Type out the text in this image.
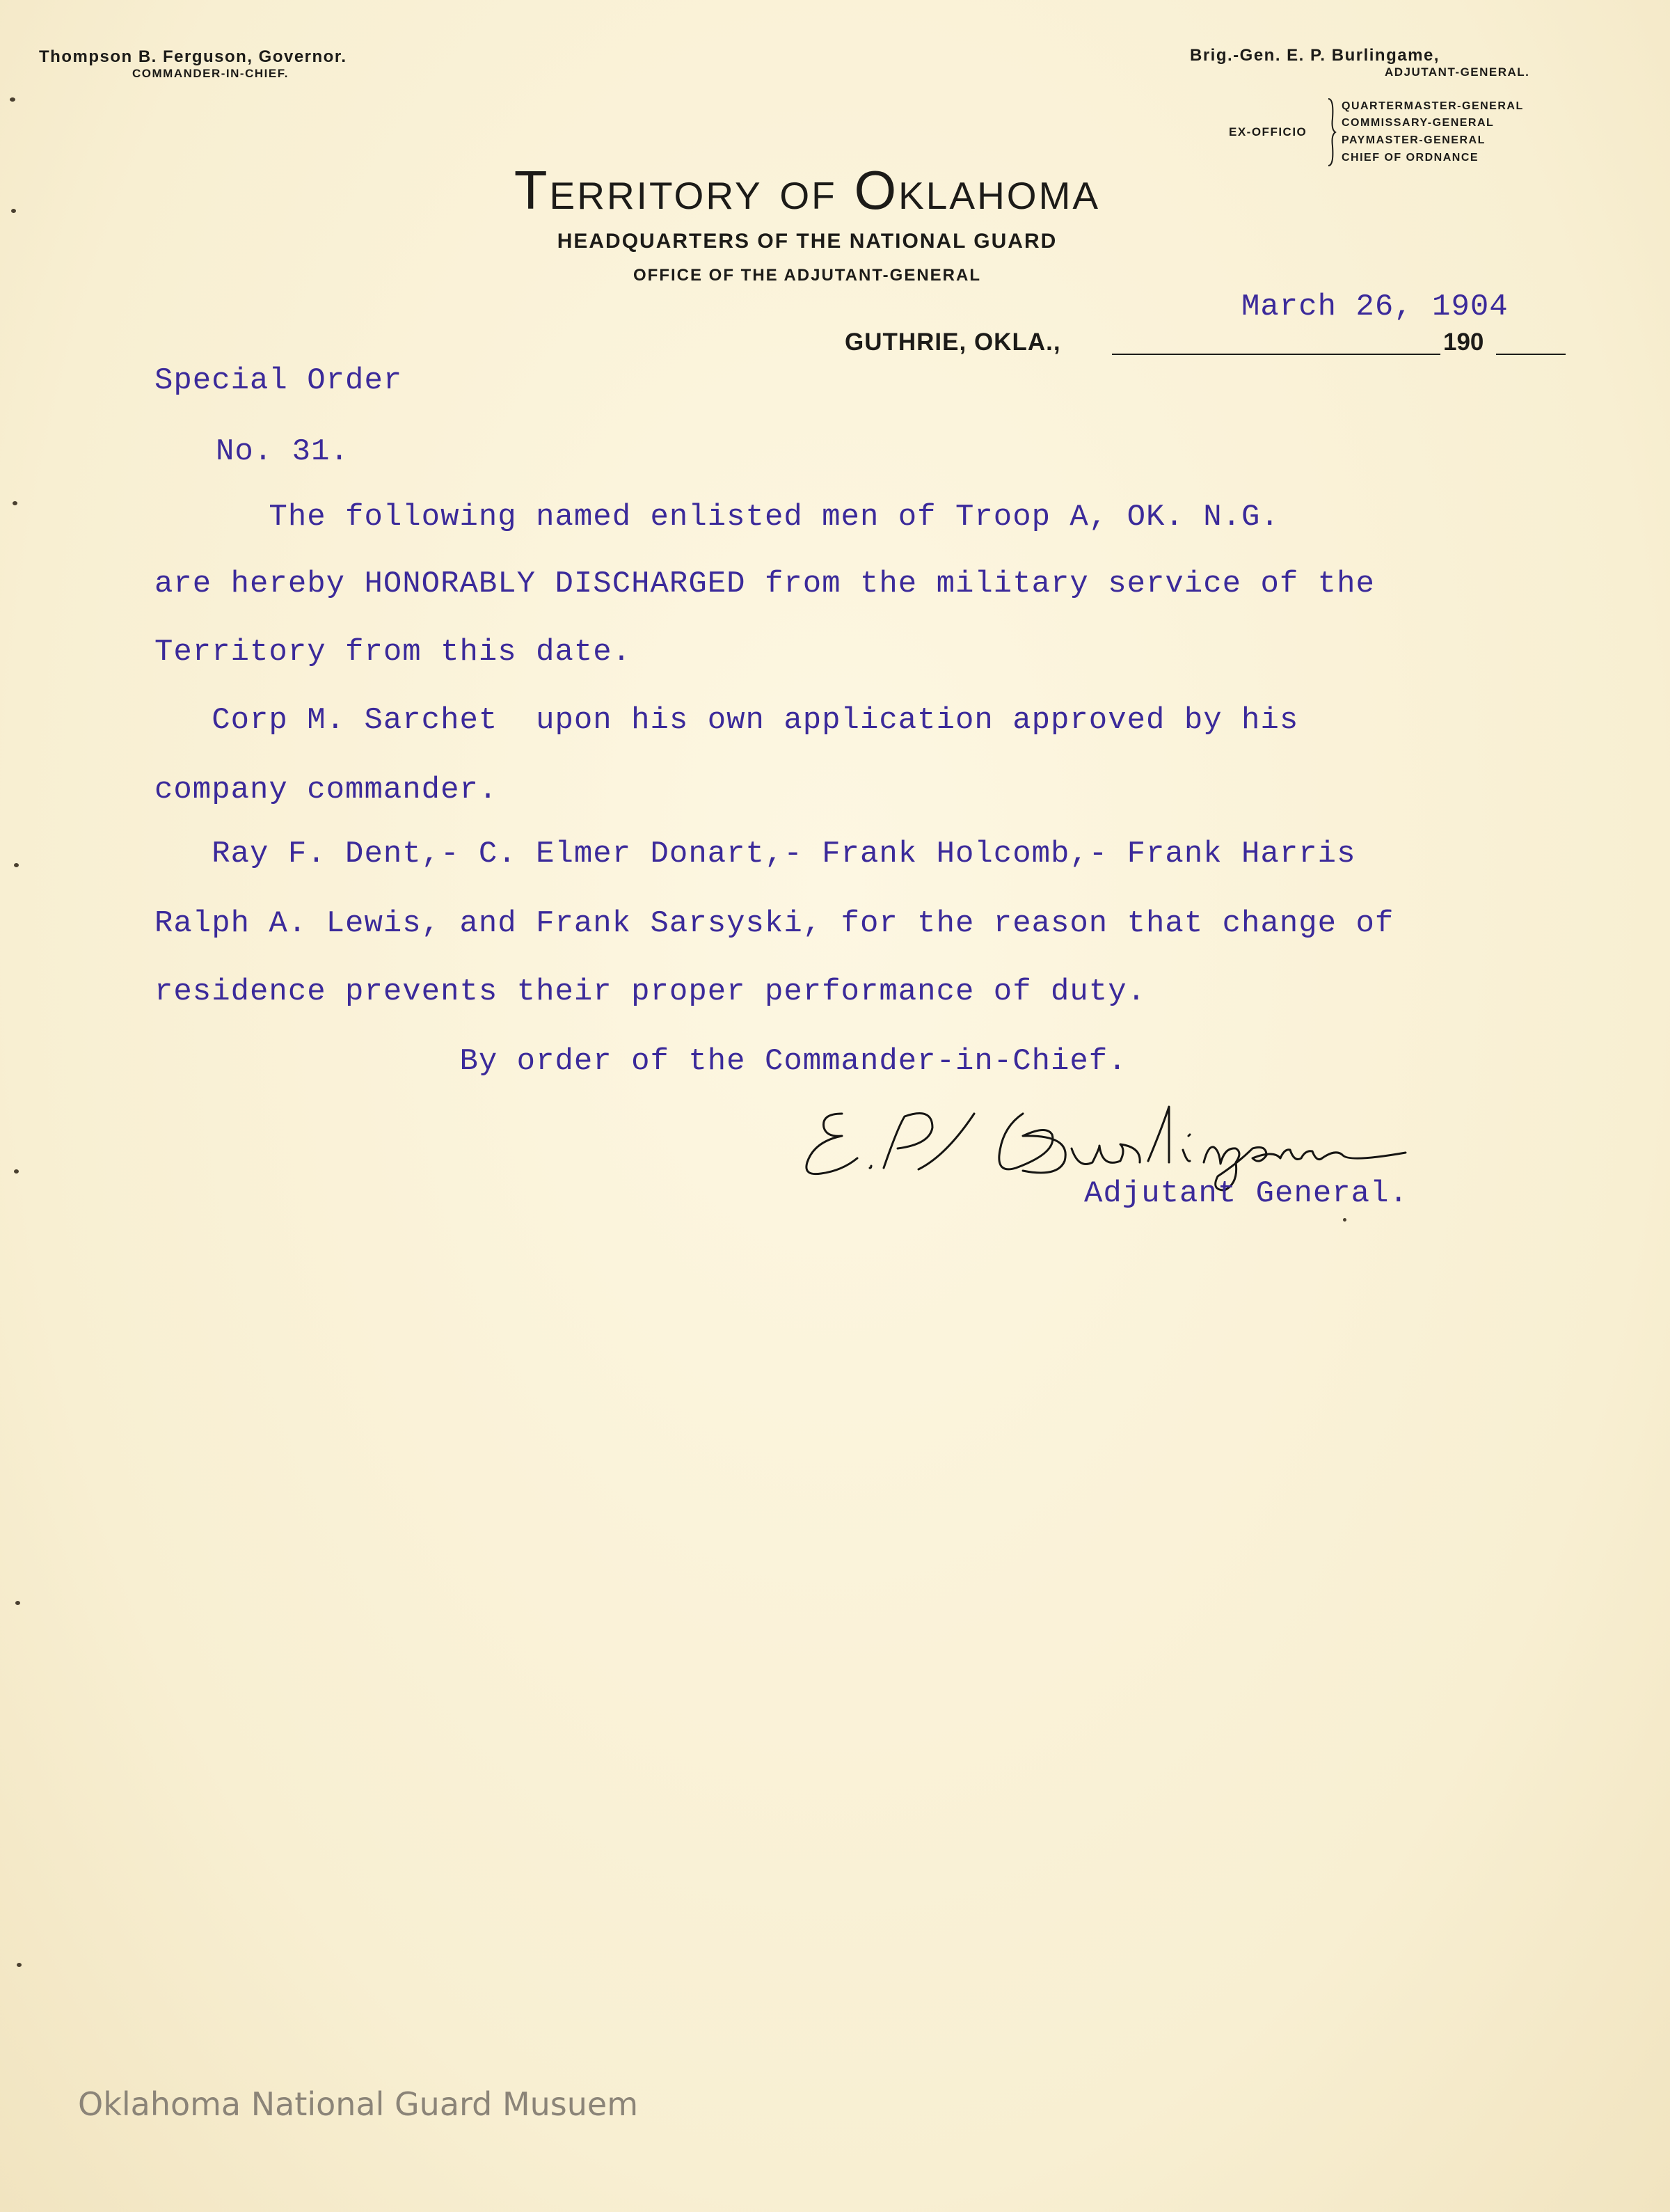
Thompson B. Ferguson, Governor.
COMMANDER-IN-CHIEF.
Brig.-Gen. E. P. Burlingame,
ADJUTANT-GENERAL.
EX-OFFICIO
QUARTERMASTER-GENERAL
COMMISSARY-GENERAL
PAYMASTER-GENERAL
CHIEF OF ORDNANCE
Territory of Oklahoma
HEADQUARTERS OF THE NATIONAL GUARD
OFFICE OF THE ADJUTANT-GENERAL
GUTHRIE, OKLA.,	190
March 26, 1904
Special Order
No. 31.
The following named enlisted men of Troop A, OK. N.G.
are hereby HONORABLY DISCHARGED from the military service of the
Territory from this date.
Corp M. Sarchet  upon his own application approved by his
company commander.
Ray F. Dent,- C. Elmer Donart,- Frank Holcomb,- Frank Harris
Ralph A. Lewis, and Frank Sarsyski, for the reason that change of
residence prevents their proper performance of duty.
By order of the Commander-in-Chief.
Adjutant General.
Oklahoma National Guard Musuem
